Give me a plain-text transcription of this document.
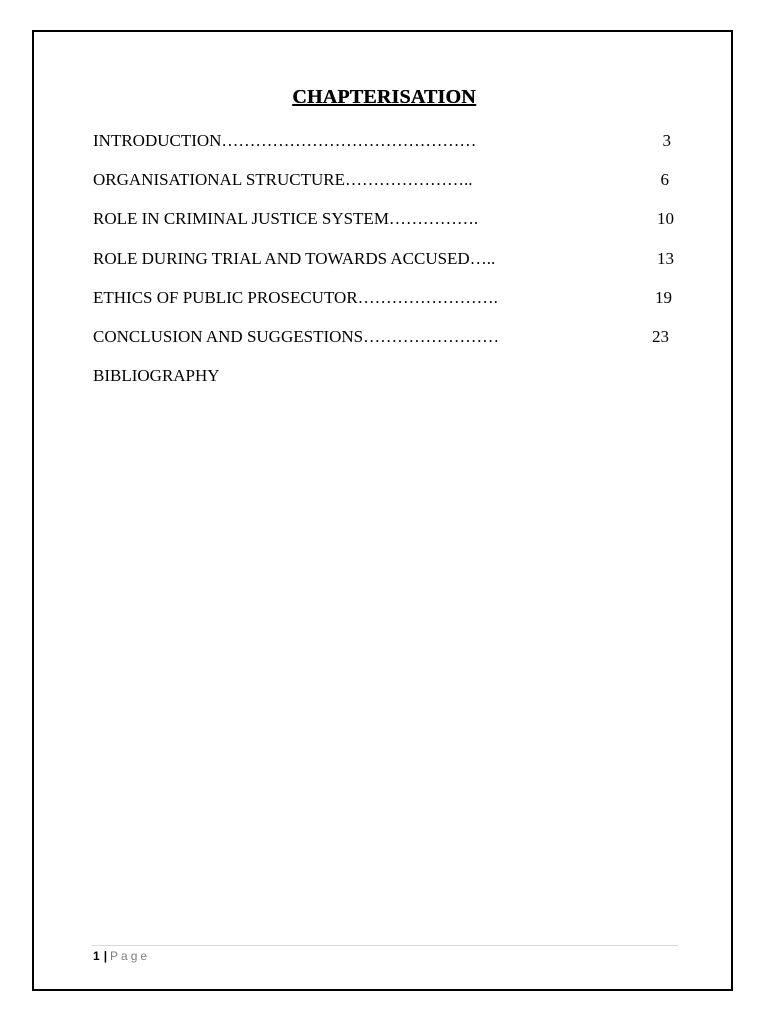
CHAPTERISATION
INTRODUCTION………………………………………	3
ORGANISATIONAL STRUCTURE…………………..	6
ROLE IN CRIMINAL JUSTICE SYSTEM…………….	10
ROLE DURING TRIAL AND TOWARDS ACCUSED…..	13
ETHICS OF PUBLIC PROSECUTOR…………………….	19
CONCLUSION AND SUGGESTIONS……………………	23
BIBLIOGRAPHY
1 | Page
